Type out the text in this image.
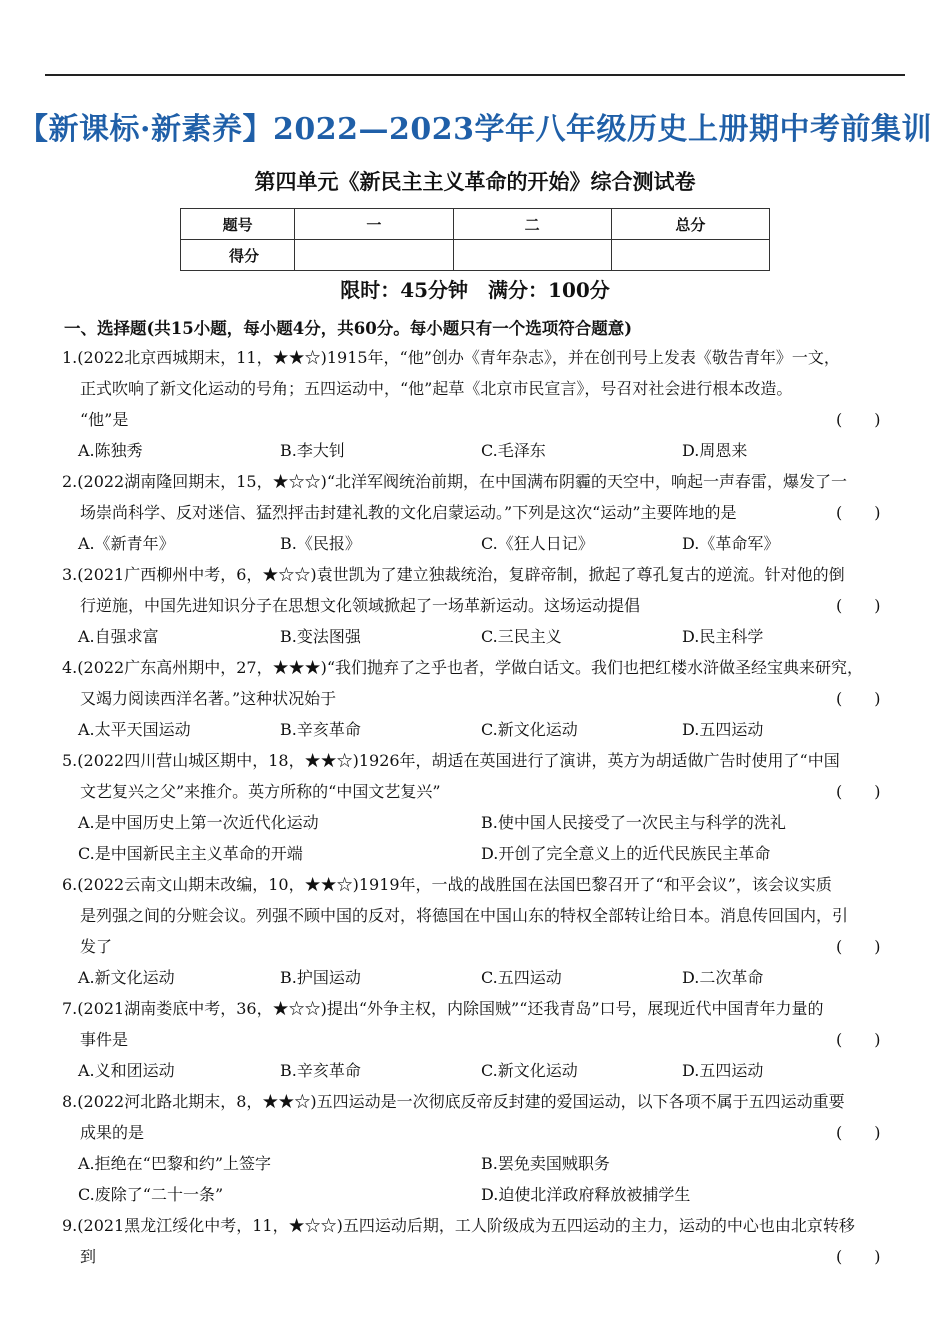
【新课标·新素养】2022—2023学年八年级历史上册期中考前集训
第四单元《新民主主义革命的开始》综合测试卷
题号	一	二	总分
得分			
限时：45分钟　满分：100分
一、选择题(共15小题，每小题4分，共60分。每小题只有一个选项符合题意)
1.(2022北京西城期末，11，★★☆)1915年，“他”创办《青年杂志》，并在创刊号上发表《敬告青年》一文，
正式吹响了新文化运动的号角；五四运动中，“他”起草《北京市民宣言》，号召对社会进行根本改造。
“他”是	(　　)
A.陈独秀	B.李大钊	C.毛泽东	D.周恩来
2.(2022湖南隆回期末，15，★☆☆)“北洋军阀统治前期，在中国满布阴霾的天空中，响起一声春雷，爆发了一
场崇尚科学、反对迷信、猛烈抨击封建礼教的文化启蒙运动。”下列是这次“运动”主要阵地的是	(　　)
A.《新青年》	B.《民报》	C.《狂人日记》	D.《革命军》
3.(2021广西柳州中考，6，★☆☆)袁世凯为了建立独裁统治，复辟帝制，掀起了尊孔复古的逆流。针对他的倒
行逆施，中国先进知识分子在思想文化领域掀起了一场革新运动。这场运动提倡	(　　)
A.自强求富	B.变法图强	C.三民主义	D.民主科学
4.(2022广东高州期中，27，★★★)“我们抛弃了之乎也者，学做白话文。我们也把红楼水浒做圣经宝典来研究，
又竭力阅读西洋名著。”这种状况始于	(　　)
A.太平天国运动	B.辛亥革命	C.新文化运动	D.五四运动
5.(2022四川营山城区期中，18，★★☆)1926年，胡适在英国进行了演讲，英方为胡适做广告时使用了“中国
文艺复兴之父”来推介。英方所称的“中国文艺复兴”	(　　)
A.是中国历史上第一次近代化运动	B.使中国人民接受了一次民主与科学的洗礼
C.是中国新民主主义革命的开端	D.开创了完全意义上的近代民族民主革命
6.(2022云南文山期末改编，10，★★☆)1919年，一战的战胜国在法国巴黎召开了“和平会议”，该会议实质
是列强之间的分赃会议。列强不顾中国的反对，将德国在中国山东的特权全部转让给日本。消息传回国内，引
发了	(　　)
A.新文化运动	B.护国运动	C.五四运动	D.二次革命
7.(2021湖南娄底中考，36，★☆☆)提出“外争主权，内除国贼”“还我青岛”口号，展现近代中国青年力量的
事件是	(　　)
A.义和团运动	B.辛亥革命	C.新文化运动	D.五四运动
8.(2022河北路北期末，8，★★☆)五四运动是一次彻底反帝反封建的爱国运动，以下各项不属于五四运动重要
成果的是	(　　)
A.拒绝在“巴黎和约”上签字	B.罢免卖国贼职务
C.废除了“二十一条”	D.迫使北洋政府释放被捕学生
9.(2021黑龙江绥化中考，11，★☆☆)五四运动后期，工人阶级成为五四运动的主力，运动的中心也由北京转移
到	(　　)
